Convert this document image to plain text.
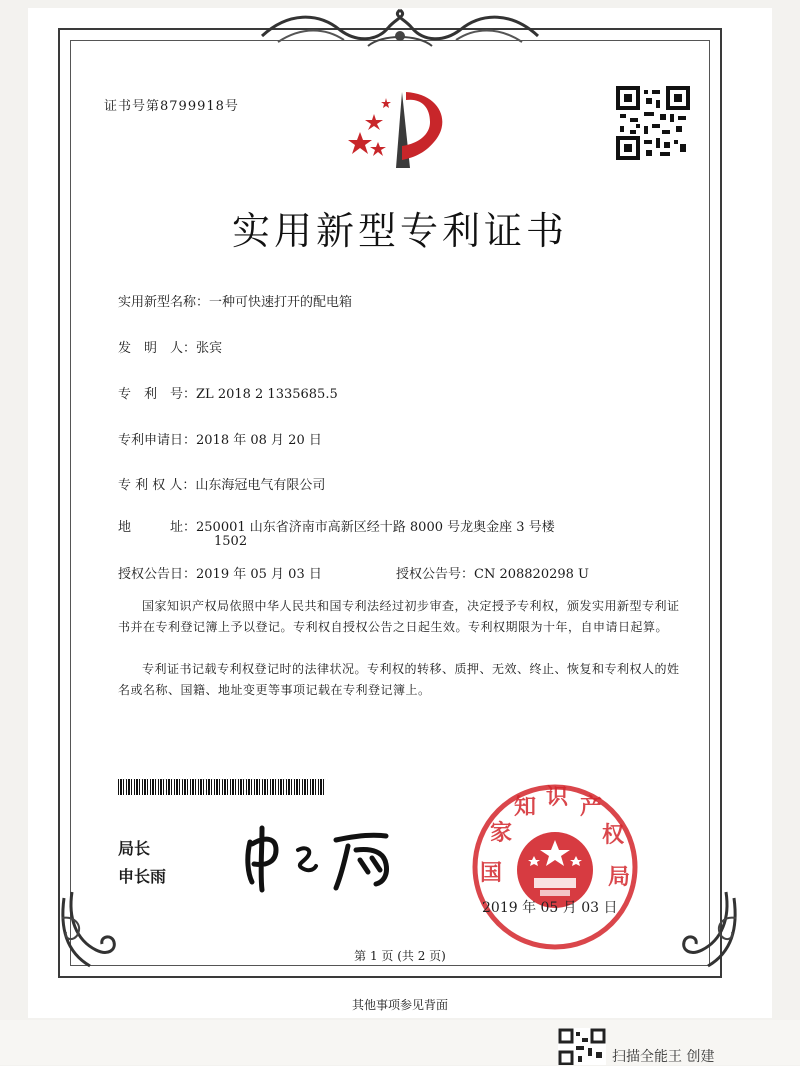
证书号第8799918号
实用新型专利证书
实用新型名称：一种可快速打开的配电箱
发　明　人：张宾
专　利　号：ZL 2018 2 1335685.5
专利申请日：2018 年 08 月 20 日
专 利 权 人：山东海冠电气有限公司
地　　　址：250001 山东省济南市高新区经十路 8000 号龙奥金座 3 号楼
1502
授权公告日：2019 年 05 月 03 日	授权公告号：CN 208820298 U
国家知识产权局依照中华人民共和国专利法经过初步审查，决定授予专利权，颁发实用新型专利证书并在专利登记簿上予以登记。专利权自授权公告之日起生效。专利权期限为十年，自申请日起算。
专利证书记载专利权登记时的法律状况。专利权的转移、质押、无效、终止、恢复和专利权人的姓名或名称、国籍、地址变更等事项记载在专利登记簿上。
局长
申长雨	国
家
知 识 产
权
局
2019 年 05 月 03 日
第 1 页 (共 2 页)
其他事项参见背面
扫描全能王 创建
